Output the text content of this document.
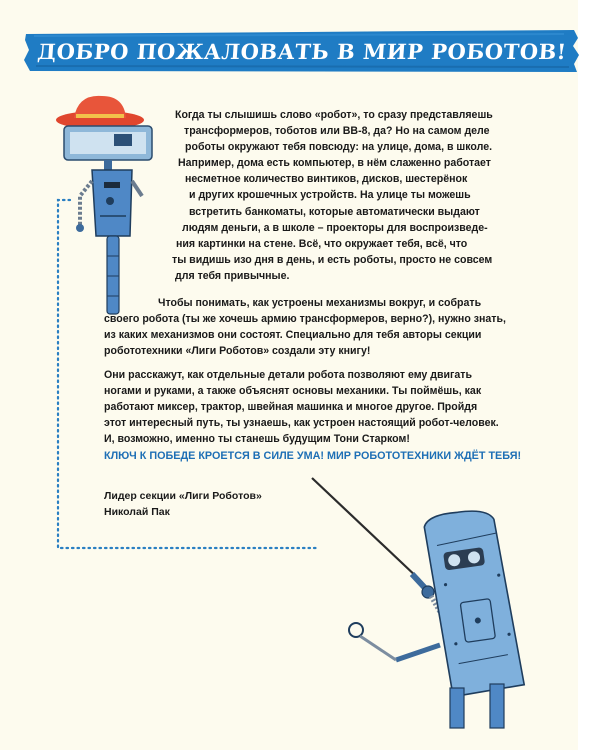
ДОБРО ПОЖАЛОВАТЬ В МИР РОБОТОВ!
Когда ты слышишь слово «робот», то сразу представляешь
трансформеров, тоботов или BB-8, да? Но на самом деле
роботы окружают тебя повсюду: на улице, дома, в школе.
Например, дома есть компьютер, в нём слаженно работает
несметное количество винтиков, дисков, шестерёнок
и других крошечных устройств. На улице ты можешь
встретить банкоматы, которые автоматически выдают
людям деньги, а в школе – проекторы для воспроизведе-
ния картинки на стене. Всё, что окружает тебя, всё, что
ты видишь изо дня в день, и есть роботы, просто не совсем
для тебя привычные.
Чтобы понимать, как устроены механизмы вокруг, и собрать
своего робота (ты же хочешь армию трансформеров, верно?), нужно знать,
из каких механизмов они состоят. Специально для тебя авторы секции
робототехники «Лиги Роботов» создали эту книгу!
Они расскажут, как отдельные детали робота позволяют ему двигать
ногами и руками, а также объяснят основы механики. Ты поймёшь, как
работают миксер, трактор, швейная машинка и многое другое. Пройдя
этот интересный путь, ты узнаешь, как устроен настоящий робот-человек.
И, возможно, именно ты станешь будущим Тони Старком!
КЛЮЧ К ПОБЕДЕ КРОЕТСЯ В СИЛЕ УМА! МИР РОБОТОТЕХНИКИ ЖДЁТ ТЕБЯ!
Лидер секции «Лиги Роботов»
Николай Пак
